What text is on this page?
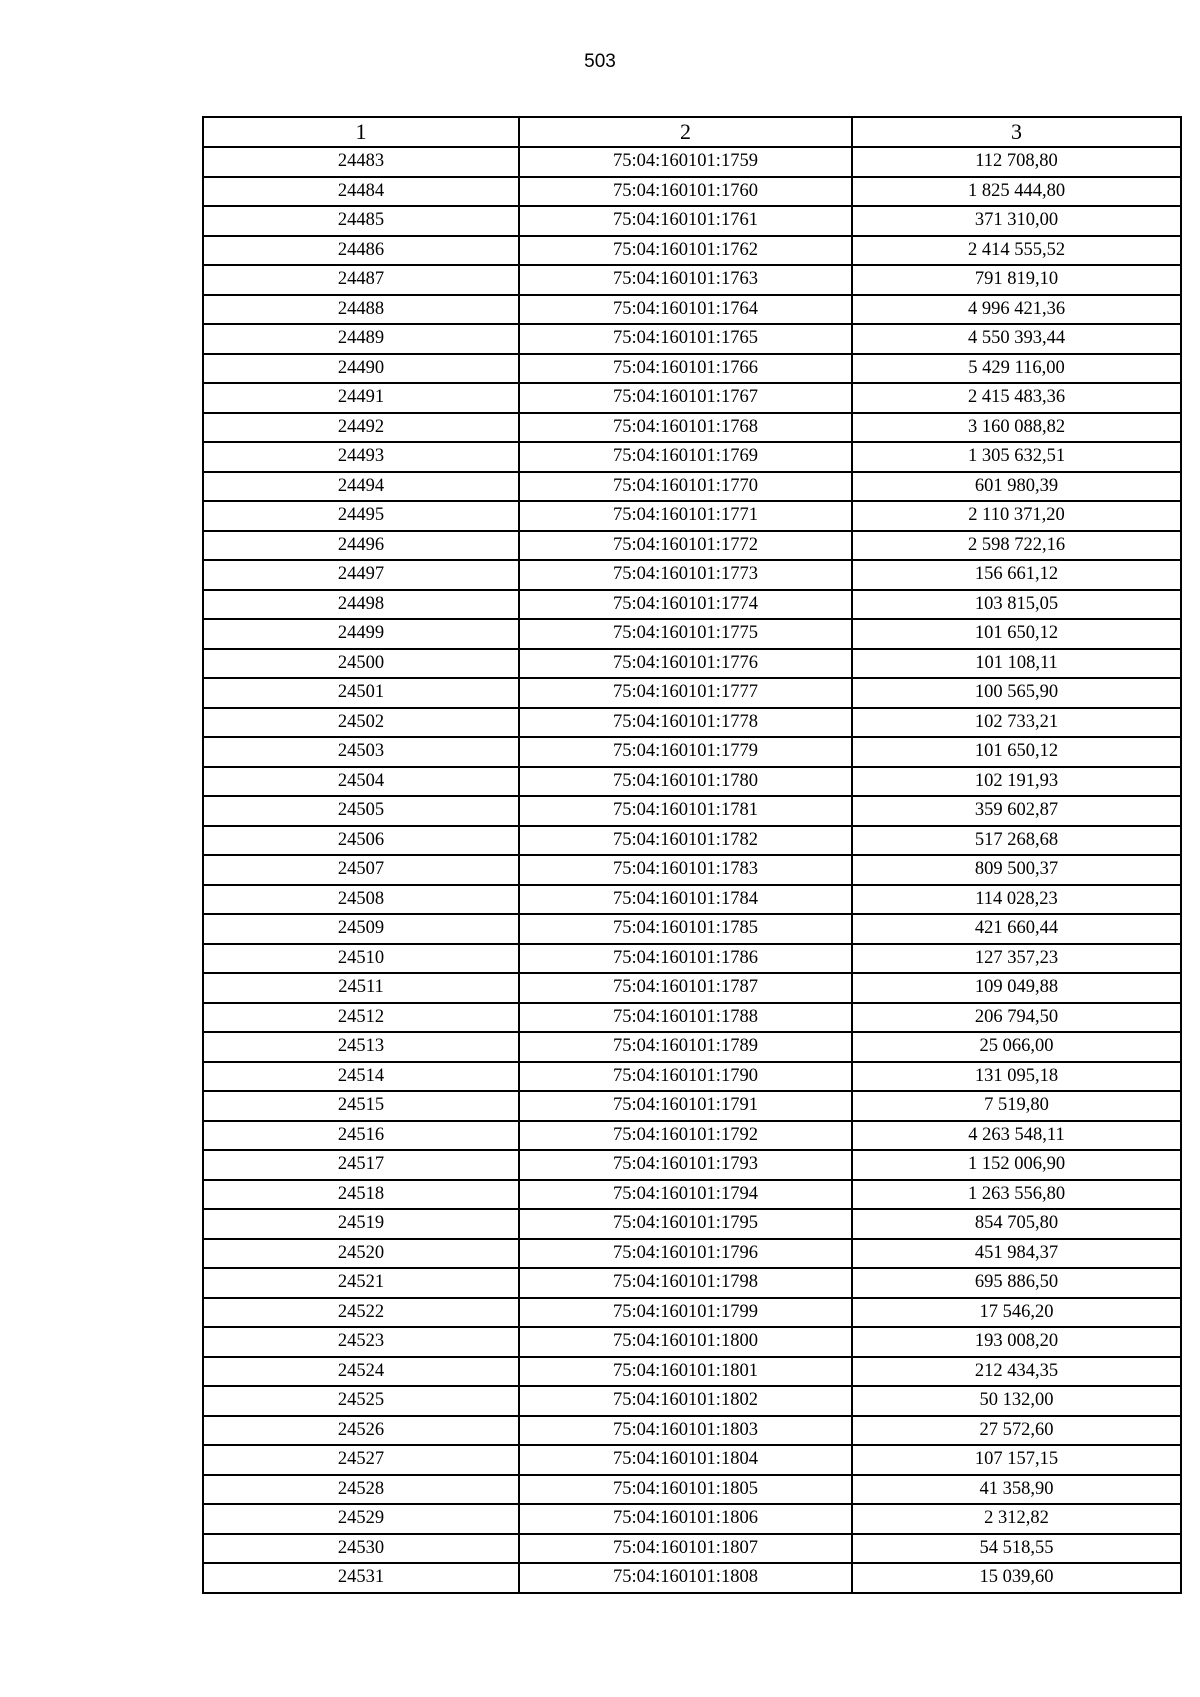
503
1	2	3
24483	75:04:160101:1759	112 708,80
24484	75:04:160101:1760	1 825 444,80
24485	75:04:160101:1761	371 310,00
24486	75:04:160101:1762	2 414 555,52
24487	75:04:160101:1763	791 819,10
24488	75:04:160101:1764	4 996 421,36
24489	75:04:160101:1765	4 550 393,44
24490	75:04:160101:1766	5 429 116,00
24491	75:04:160101:1767	2 415 483,36
24492	75:04:160101:1768	3 160 088,82
24493	75:04:160101:1769	1 305 632,51
24494	75:04:160101:1770	601 980,39
24495	75:04:160101:1771	2 110 371,20
24496	75:04:160101:1772	2 598 722,16
24497	75:04:160101:1773	156 661,12
24498	75:04:160101:1774	103 815,05
24499	75:04:160101:1775	101 650,12
24500	75:04:160101:1776	101 108,11
24501	75:04:160101:1777	100 565,90
24502	75:04:160101:1778	102 733,21
24503	75:04:160101:1779	101 650,12
24504	75:04:160101:1780	102 191,93
24505	75:04:160101:1781	359 602,87
24506	75:04:160101:1782	517 268,68
24507	75:04:160101:1783	809 500,37
24508	75:04:160101:1784	114 028,23
24509	75:04:160101:1785	421 660,44
24510	75:04:160101:1786	127 357,23
24511	75:04:160101:1787	109 049,88
24512	75:04:160101:1788	206 794,50
24513	75:04:160101:1789	25 066,00
24514	75:04:160101:1790	131 095,18
24515	75:04:160101:1791	7 519,80
24516	75:04:160101:1792	4 263 548,11
24517	75:04:160101:1793	1 152 006,90
24518	75:04:160101:1794	1 263 556,80
24519	75:04:160101:1795	854 705,80
24520	75:04:160101:1796	451 984,37
24521	75:04:160101:1798	695 886,50
24522	75:04:160101:1799	17 546,20
24523	75:04:160101:1800	193 008,20
24524	75:04:160101:1801	212 434,35
24525	75:04:160101:1802	50 132,00
24526	75:04:160101:1803	27 572,60
24527	75:04:160101:1804	107 157,15
24528	75:04:160101:1805	41 358,90
24529	75:04:160101:1806	2 312,82
24530	75:04:160101:1807	54 518,55
24531	75:04:160101:1808	15 039,60
